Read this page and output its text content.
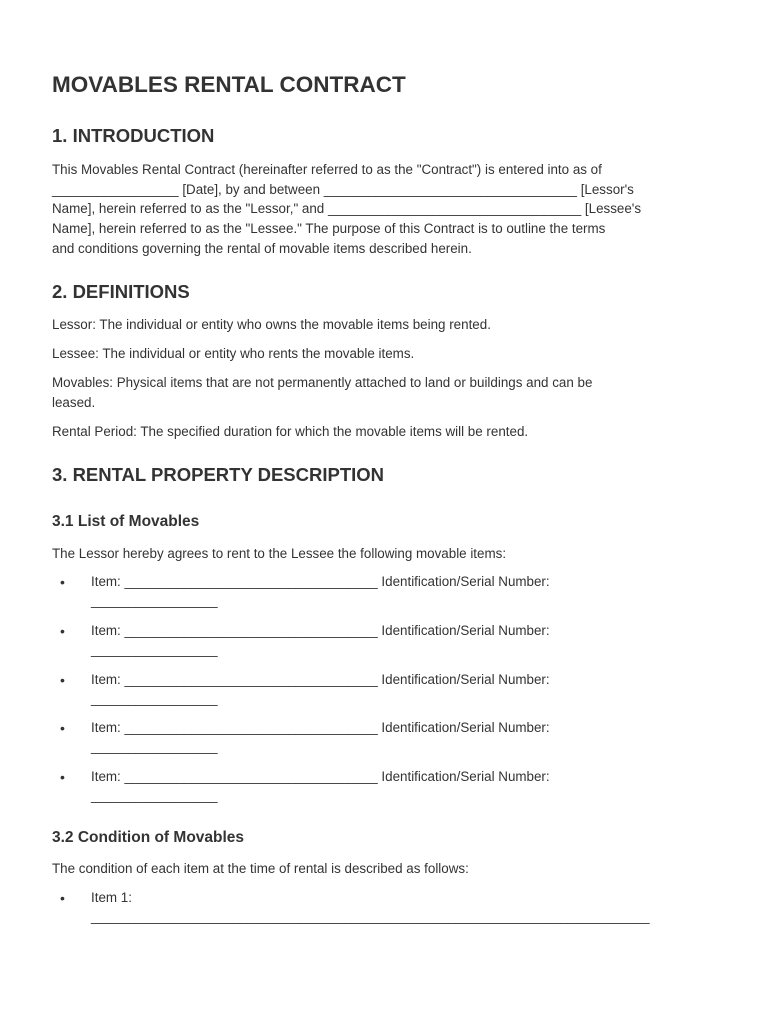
MOVABLES RENTAL CONTRACT
1. INTRODUCTION
This Movables Rental Contract (hereinafter referred to as the "Contract") is entered into as of
_________________ [Date], by and between __________________________________ [Lessor's
Name], herein referred to as the "Lessor," and __________________________________ [Lessee's
Name], herein referred to as the "Lessee." The purpose of this Contract is to outline the terms
and conditions governing the rental of movable items described herein.
2. DEFINITIONS
Lessor: The individual or entity who owns the movable items being rented.
Lessee: The individual or entity who rents the movable items.
Movables: Physical items that are not permanently attached to land or buildings and can be
leased.
Rental Period: The specified duration for which the movable items will be rented.
3. RENTAL PROPERTY DESCRIPTION
3.1 List of Movables
The Lessor hereby agrees to rent to the Lessee the following movable items:
• Item: __________________________________ Identification/Serial Number:
_________________
• Item: __________________________________ Identification/Serial Number:
_________________
• Item: __________________________________ Identification/Serial Number:
_________________
• Item: __________________________________ Identification/Serial Number:
_________________
• Item: __________________________________ Identification/Serial Number:
_________________
3.2 Condition of Movables
The condition of each item at the time of rental is described as follows:
• Item 1:
___________________________________________________________________________
